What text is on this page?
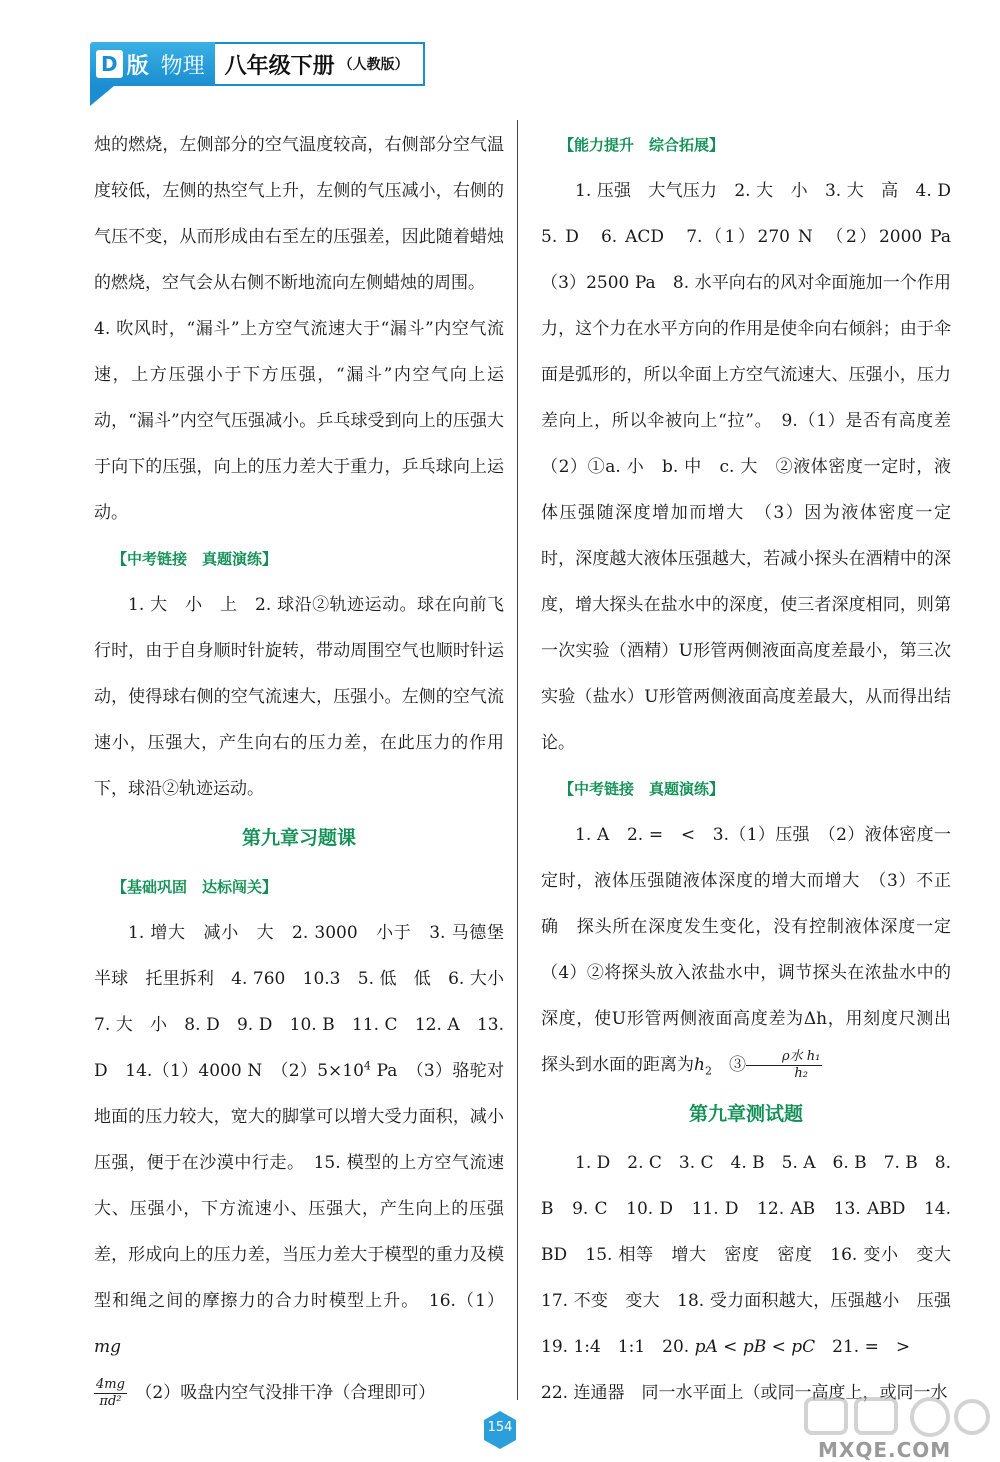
D 版 物理 八年级下册 （人教版）

烛的燃烧，左侧部分的空气温度较高，右侧部分空气温度较低，左侧的热空气上升，左侧的气压减小，右侧的气压不变，从而形成由右至左的压强差，因此随着蜡烛的燃烧，空气会从右侧不断地流向左侧蜡烛的周围。

4. 吹风时，“漏斗”上方空气流速大于“漏斗”内空气流速，上方压强小于下方压强，“漏斗”内空气向上运动，“漏斗”内空气压强减小。乒乓球受到向上的压强大于向下的压强，向上的压力差大于重力，乒乓球向上运动。

【中考链接　真题演练】

1. 大　小　上　2. 球沿②轨迹运动。球在向前飞行时，由于自身顺时针旋转，带动周围空气也顺时针运动，使得球右侧的空气流速大，压强小。左侧的空气流速小，压强大，产生向右的压力差，在此压力的作用下，球沿②轨迹运动。

第九章习题课
【基础巩固　达标闯关】

1. 增大　减小　大　2. 3000　小于　3. 马德堡半球　托里拆利　4. 760　10.3　5. 低　低　6. 大小　7. 大　小　8. D　9. D　10. B　11. C　12. A　13. D　14.（1）4000 N　$(2)5\times 10^4$ Pa　（3）骆驼对地面的压力较大，宽大的脚掌可以增大受力面积，减小压强，便于在沙漠中行走。　15. 模型的上方空气流速大、压强小，下方流速小、压强大，产生向上的压强差，形成向上的压力差，当压力差大于模型的重力及模型和绳之间的摩擦力的合力时模型上升。　16.（1）mg

$\frac{4mg}{\text{πd²}}$
　 （2）吸盘内空气没排干净（合理即可）

【能力提升　综合拓展】

1. 压强　大气压力　2. 大　小　3. 大　高　4. D　5. D　6. ACD　7.（1）270 N　（2）2000 Pa　（3）2500 Pa　8. 水平向右的风对伞面施加一个作用力，这个力在水平方向的作用是使伞向右倾斜；由于伞面是弧形的，所以伞面上方空气流速大、压强小，压力差向上，所以伞被向上“拉”。　9.（1）是否有高度差　（2）①a. 小　b. 中　c. 大　②液体密度一定时，液体压强随深度增加而增大　（3）因为液体密度一定时，深度越大液体压强越大，若减小探头在酒精中的深度，增大探头在盐水中的深度，使三者深度相同，则第一次实验（酒精）U形管两侧液面高度差最小，第三次实验（盐水）U形管两侧液面高度差最大，从而得出结论。

【中考链接　真题演练】

1. A　2. =　<　3.（1）压强　（2）液体密度一定时，液体压强随液体深度的增大而增大　（3）不正确　探头所在深度发生变化，没有控制液体深度一定　（4）②将探头放入浓盐水中，调节探头在浓盐水中的深度，使U形管两侧液面高度差为Δh，用刻度尺测出探头到水面的距离为$h_2$　 ③ $\frac{\text{ρ水 h₁}}{\text{h₂}}$

第九章测试题

1. D　2. C　3. C　4. B　5. A　6. B　7. B　8. B　9. C　10. D　11. D　12. AB　13. ABD　14. BD　15. 相等　增大　密度　密度　16. 变小　变大　17. 不变　变大　18. 受力面积越大，压强越小　压强　19. 1:4　1:1　20. pA < pB < pC　21. =　>

22. 连通器　同一水平面上（或同一高度上，或同一水

154
MXQE.COM
